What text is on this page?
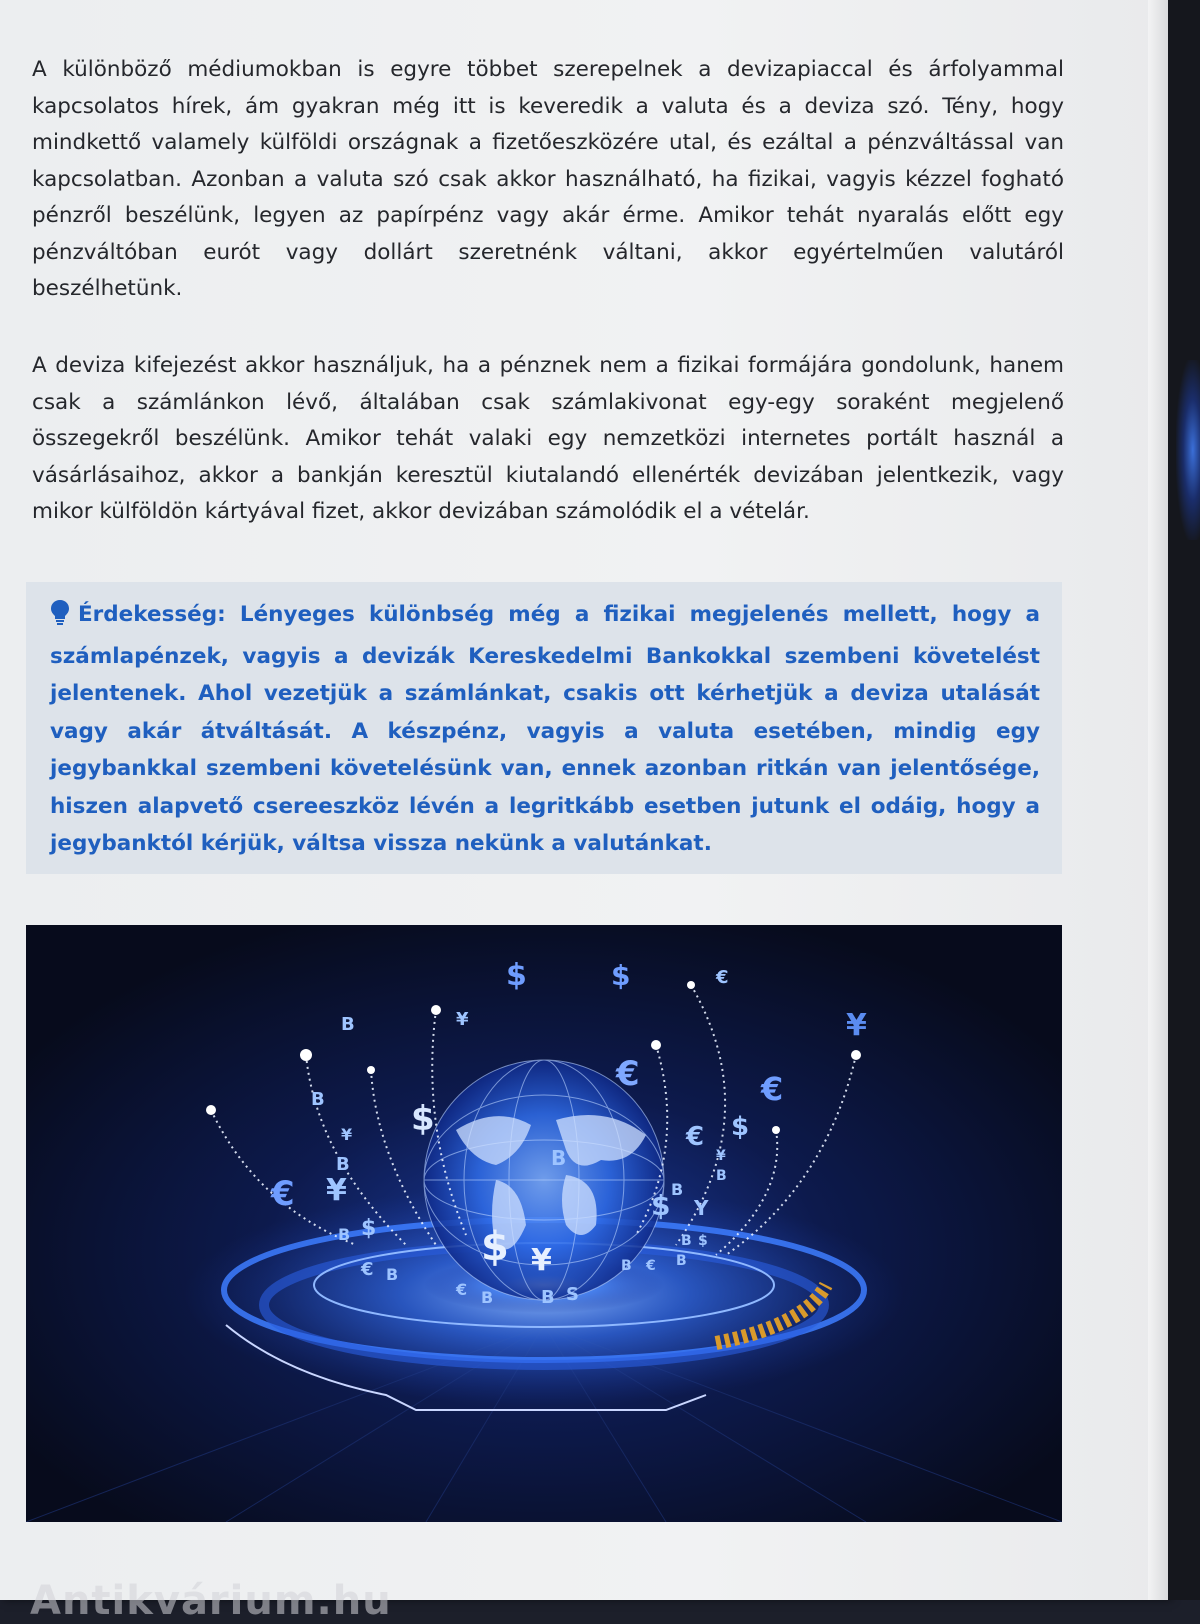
A különböző médiumokban is egyre többet szerepelnek a devizapiaccal és árfolyammal kapcsolatos hírek, ám gyakran még itt is keveredik a valuta és a deviza szó. Tény, hogy mindkettő valamely külföldi országnak a fizetőeszközére utal, és ezáltal a pénzváltással van kapcsolatban. Azonban a valuta szó csak akkor használható, ha fizikai, vagyis kézzel fogható pénzről beszélünk, legyen az papírpénz vagy akár érme. Amikor tehát nyaralás előtt egy pénzváltóban eurót vagy dollárt szeretnénk váltani, akkor egyértelműen valutáról beszélhetünk.

A deviza kifejezést akkor használjuk, ha a pénznek nem a fizikai formájára gondolunk, hanem csak a számlánkon lévő, általában csak számlakivonat egy-egy soraként megjelenő összegekről beszélünk. Amikor tehát valaki egy nemzetközi internetes portált használ a vásárlásaihoz, akkor a bankján keresztül kiutalandó ellenérték devizában jelentkezik, vagy mikor külföldön kártyával fizet, akkor devizában számolódik el a vételár.

Érdekesség: Lényeges különbség még a fizikai megjelenés mellett, hogy a számlapénzek, vagyis a devizák Kereskedelmi Bankokkal szembeni követelést jelentenek. Ahol vezetjük a számlánkat, csakis ott kérhetjük a deviza utalását vagy akár átváltását. A készpénz, vagyis a valuta esetében, mindig egy jegybankkal szembeni követelésünk van, ennek azonban ritkán van jelentősége, hiszen alapvető csereeszköz lévén a legritkább esetben jutunk el odáig, hogy a jegybanktól kérjük, váltsa vissza nekünk a valutánkat.

$	$	€
¥
B	¥
B
¥
B
€ ¥
B $
$
$ ¥
B
€
€ $
€
$ B
Y
B
¥
B $
€ B
€ B	B S
B € B
Antikvárium.hu
